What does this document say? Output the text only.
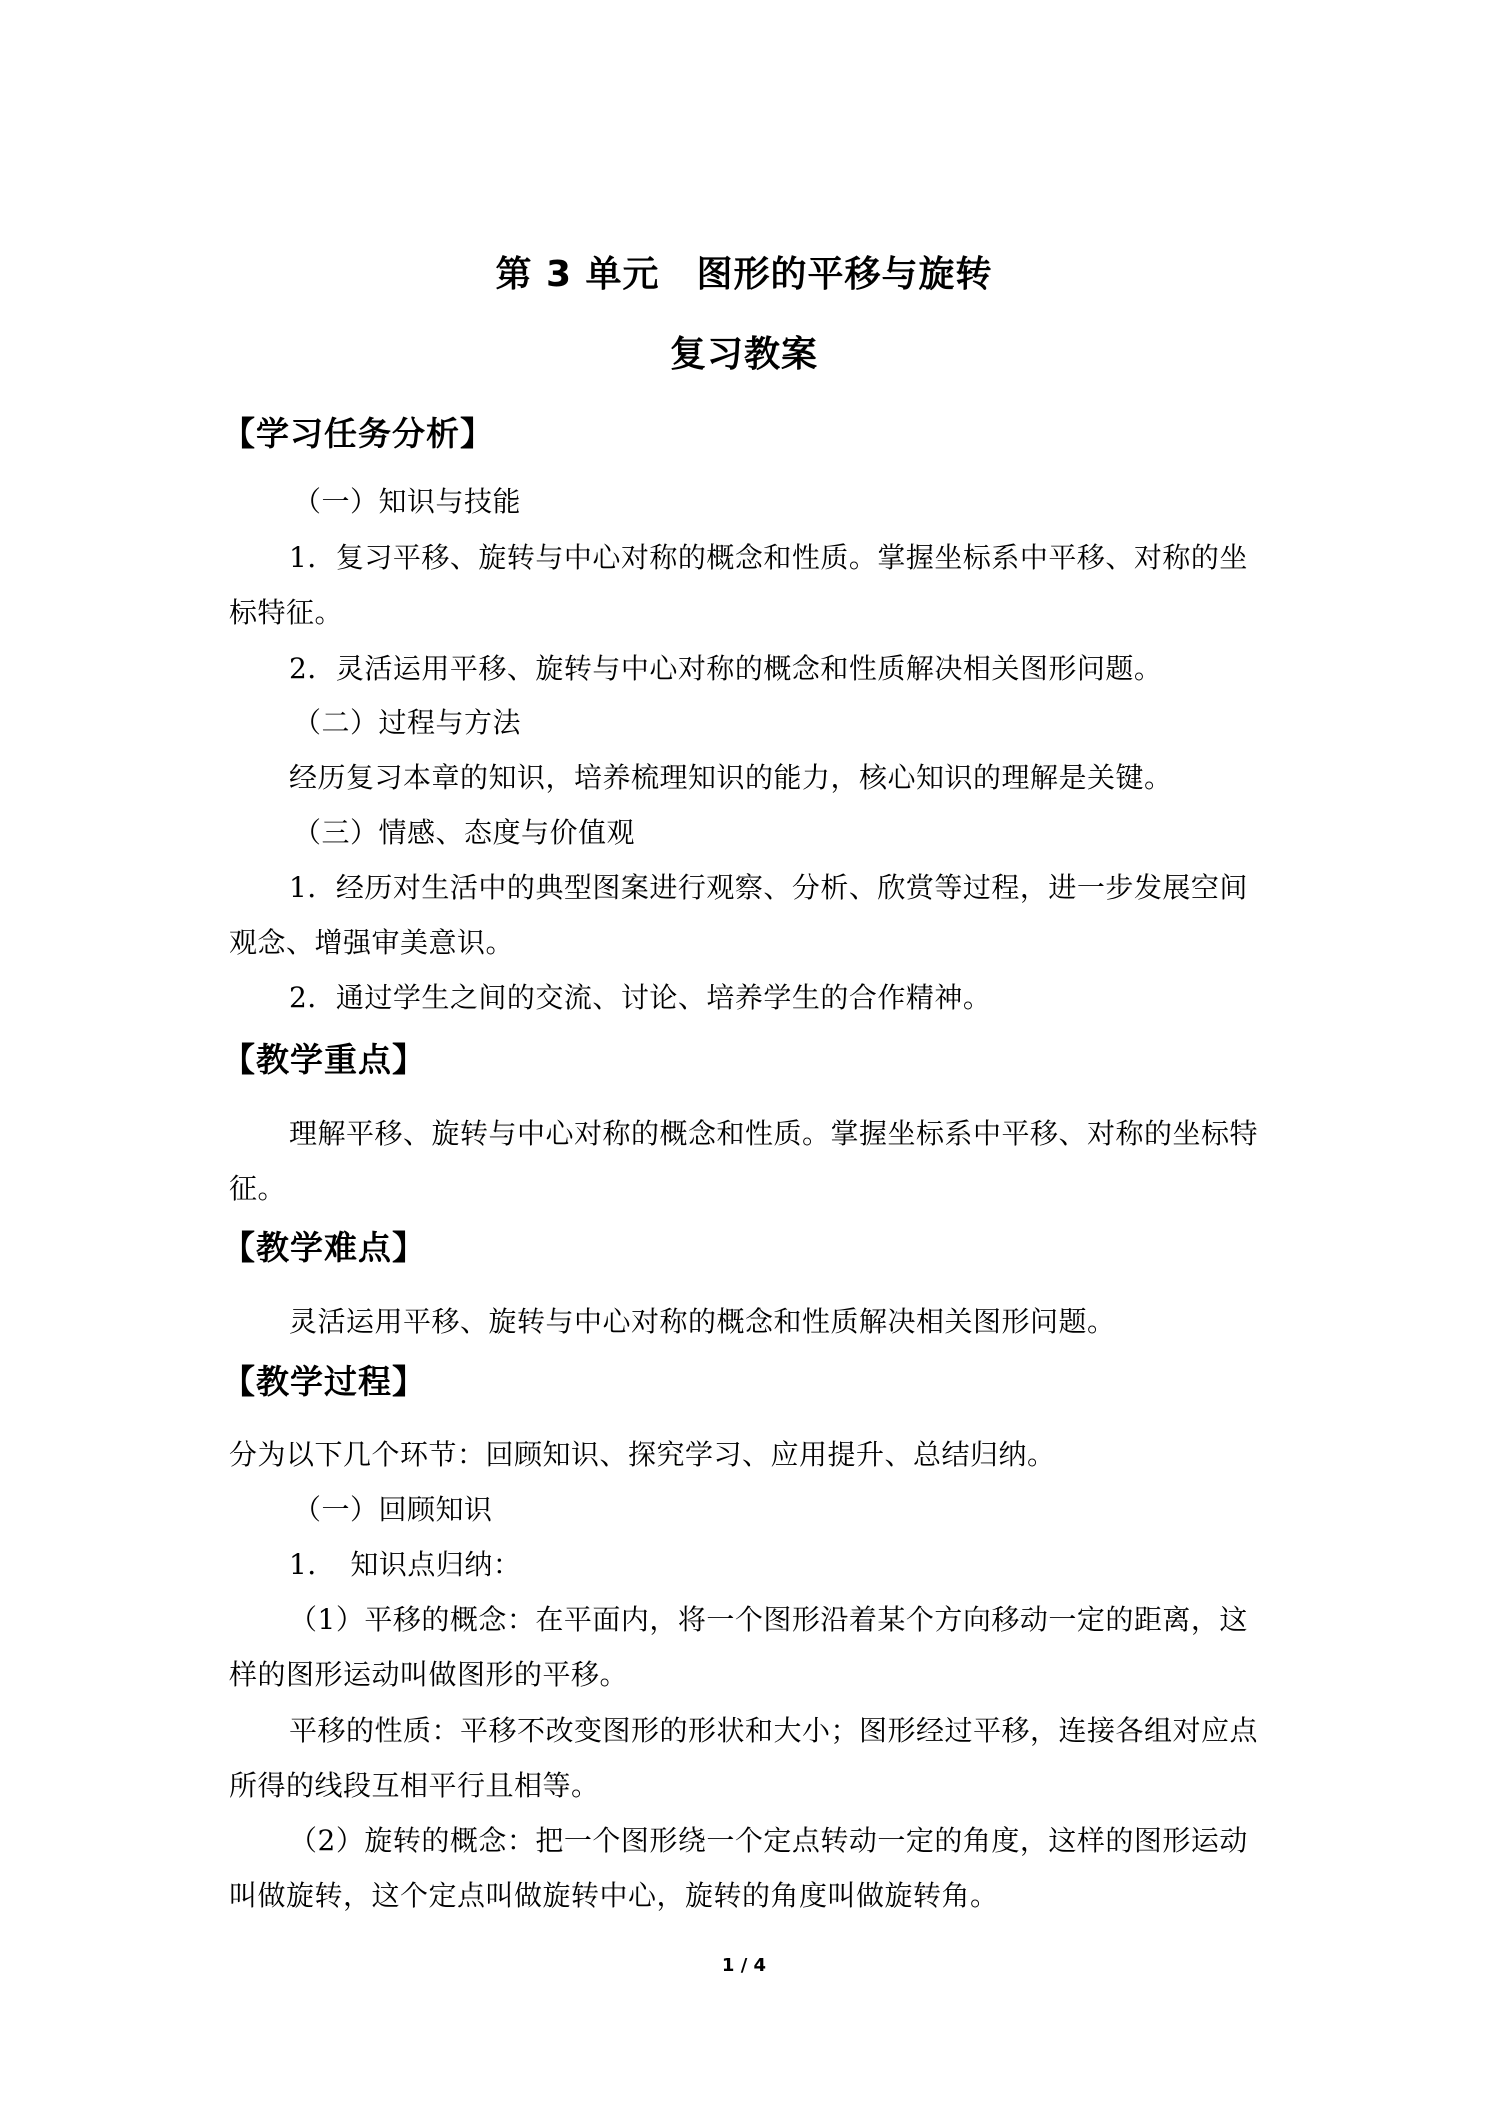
第 3 单元　图形的平移与旋转
复习教案
【学习任务分析】
（一）知识与技能
1．复习平移、旋转与中心对称的概念和性质。掌握坐标系中平移、对称的坐标特征。
2．灵活运用平移、旋转与中心对称的概念和性质解决相关图形问题。
（二）过程与方法
经历复习本章的知识，培养梳理知识的能力，核心知识的理解是关键。
（三）情感、态度与价值观
1．经历对生活中的典型图案进行观察、分析、欣赏等过程，进一步发展空间观念、增强审美意识。
2．通过学生之间的交流、讨论、培养学生的合作精神。
【教学重点】
理解平移、旋转与中心对称的概念和性质。掌握坐标系中平移、对称的坐标特征。
【教学难点】
灵活运用平移、旋转与中心对称的概念和性质解决相关图形问题。
【教学过程】
分为以下几个环节：回顾知识、探究学习、应用提升、总结归纳。
（一）回顾知识
1．　知识点归纳：
（1）平移的概念：在平面内，将一个图形沿着某个方向移动一定的距离，这样的图形运动叫做图形的平移。
平移的性质：平移不改变图形的形状和大小；图形经过平移，连接各组对应点所得的线段互相平行且相等。
（2）旋转的概念：把一个图形绕一个定点转动一定的角度，这样的图形运动叫做旋转，这个定点叫做旋转中心，旋转的角度叫做旋转角。
1 / 4
